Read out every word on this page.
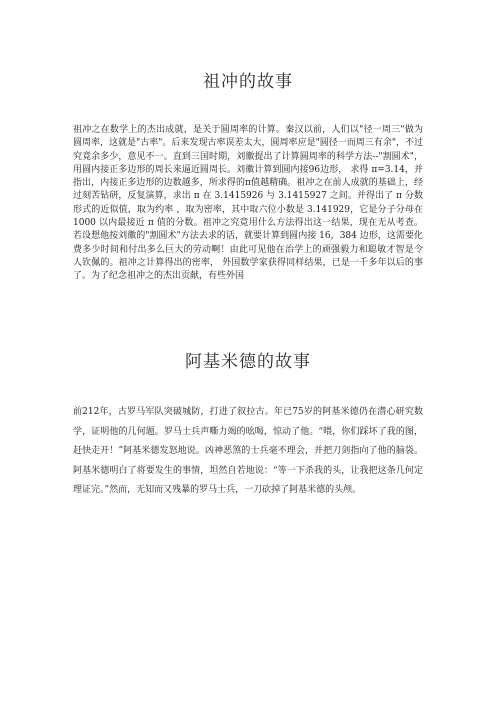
祖冲的故事

祖冲之在数学上的杰出成就，是关于圆周率的计算。秦汉以前，人们以"径一周三"做为圆周率，这就是"古率"。后来发现古率误差太大，圆周率应是"圆径一而周三有余"，不过究竟余多少，意见不一。直到三国时期，刘徽提出了计算圆周率的科学方法--"割圆术"，用圆内接正多边形的周长来逼近圆周长。刘徽计算到圆内接96边形， 求得 π=3.14，并指出，内接正多边形的边数越多，所求得的π值越精确。祖冲之在前人成就的基础上，经过刻苦钻研，反复演算，求出 π 在 3.1415926 与 3.1415927 之间。并得出了 π 分数形式的近似值，取为约率 ，取为密率，其中取六位小数是 3.141929，它是分子分母在 1000 以内最接近 π 值的分数。祖冲之究竟用什么方法得出这一结果，现在无从考查。若设想他按刘徽的"割圆术"方法去求的话，就要计算到圆内接 16，384 边形，这需要化费多少时间和付出多么巨大的劳动啊！由此可见他在治学上的顽强毅力和聪敏才智是令人钦佩的。祖冲之计算得出的密率， 外国数学家获得同样结果，已是一千多年以后的事了。为了纪念祖冲之的杰出贡献，有些外国

阿基米德的故事

前212年，古罗马军队突破城防，打进了叙拉古。年已75岁的阿基米德仍在潜心研究数学，证明他的几何题。罗马士兵声嘶力竭的吆喝，惊动了他。“喂，你们踩坏了我的图，赶快走开！”阿基米德发怒地说。凶神恶煞的士兵毫不理会，并把刀剑指向了他的脑袋。阿基米德明白了将要发生的事情，坦然自若地说：“等一下杀我的头，让我把这条几何定理证完。”然而，无知而又残暴的罗马士兵，一刀砍掉了阿基米德的头颅。
